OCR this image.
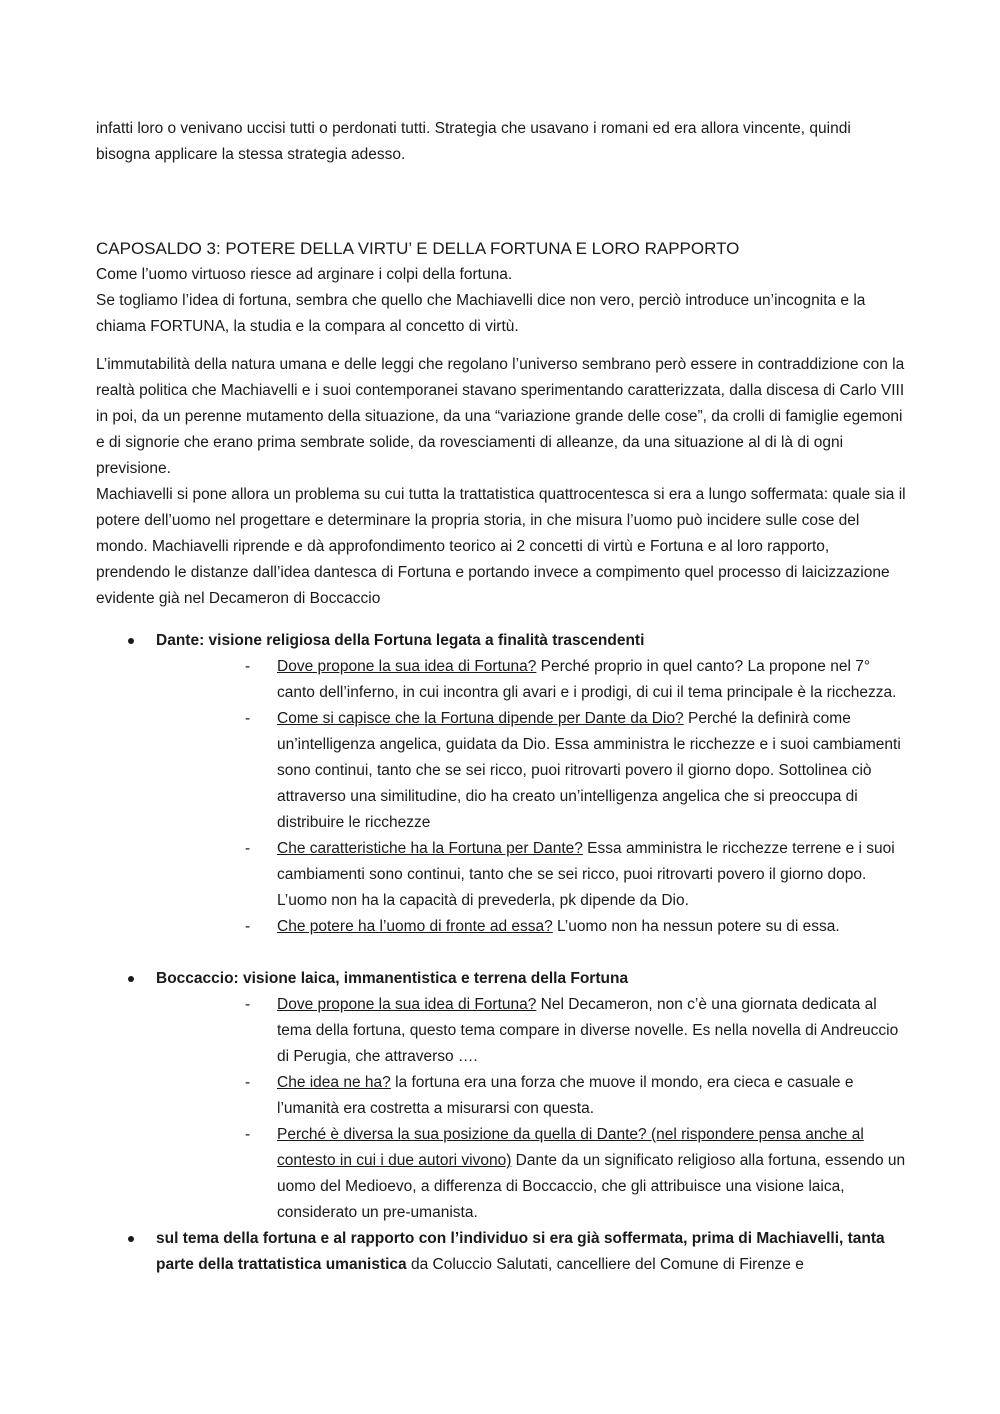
infatti loro o venivano uccisi tutti o perdonati tutti. Strategia che usavano i romani ed era allora vincente, quindi bisogna applicare la stessa strategia adesso.

CAPOSALDO 3: POTERE DELLA VIRTU’ E DELLA FORTUNA E LORO RAPPORTO

Come l’uomo virtuoso riesce ad arginare i colpi della fortuna.

Se togliamo l’idea di fortuna, sembra che quello che Machiavelli dice non vero, perciò introduce un’incognita e la chiama FORTUNA, la studia e la compara al concetto di virtù.

L’immutabilità della natura umana e delle leggi che regolano l’universo sembrano però essere in contraddizione con la realtà politica che Machiavelli e i suoi contemporanei stavano sperimentando caratterizzata, dalla discesa di Carlo VIII in poi, da un perenne mutamento della situazione, da una “variazione grande delle cose”, da crolli di famiglie egemoni e di signorie che erano prima sembrate solide, da rovesciamenti di alleanze, da una situazione al di là di ogni previsione.

Machiavelli si pone allora un problema su cui tutta la trattatistica quattrocentesca si era a lungo soffermata: quale sia il potere dell’uomo nel progettare e determinare la propria storia, in che misura l’uomo può incidere sulle cose del mondo. Machiavelli riprende e dà approfondimento teorico ai 2 concetti di virtù e Fortuna e al loro rapporto, prendendo le distanze dall’idea dantesca di Fortuna e portando invece a compimento quel processo di laicizzazione evidente già nel Decameron di Boccaccio

Dante: visione religiosa della Fortuna legata a finalità trascendenti
- Dove propone la sua idea di Fortuna? Perché proprio in quel canto? La propone nel 7° canto dell’inferno, in cui incontra gli avari e i prodigi, di cui il tema principale è la ricchezza.
- Come si capisce che la Fortuna dipende per Dante da Dio? Perché la definirà come un’intelligenza angelica, guidata da Dio. Essa amministra le ricchezze e i suoi cambiamenti sono continui, tanto che se sei ricco, puoi ritrovarti povero il giorno dopo. Sottolinea ciò attraverso una similitudine, dio ha creato un’intelligenza angelica che si preoccupa di distribuire le ricchezze
- Che caratteristiche ha la Fortuna per Dante? Essa amministra le ricchezze terrene e i suoi cambiamenti sono continui, tanto che se sei ricco, puoi ritrovarti povero il giorno dopo. L’uomo non ha la capacità di prevederla, pk dipende da Dio.
- Che potere ha l’uomo di fronte ad essa? L’uomo non ha nessun potere su di essa.
Boccaccio: visione laica, immanentistica e terrena della Fortuna
- Dove propone la sua idea di Fortuna? Nel Decameron, non c’è una giornata dedicata al tema della fortuna, questo tema compare in diverse novelle. Es nella novella di Andreuccio di Perugia, che attraverso ….
- Che idea ne ha? la fortuna era una forza che muove il mondo, era cieca e casuale e l’umanità era costretta a misurarsi con questa.
- Perché è diversa la sua posizione da quella di Dante? (nel rispondere pensa anche al contesto in cui i due autori vivono) Dante da un significato religioso alla fortuna, essendo un uomo del Medioevo, a differenza di Boccaccio, che gli attribuisce una visione laica, considerato un pre-umanista.
sul tema della fortuna e al rapporto con l’individuo si era già soffermata, prima di Machiavelli, tanta parte della trattatistica umanistica da Coluccio Salutati, cancelliere del Comune di Firenze e
